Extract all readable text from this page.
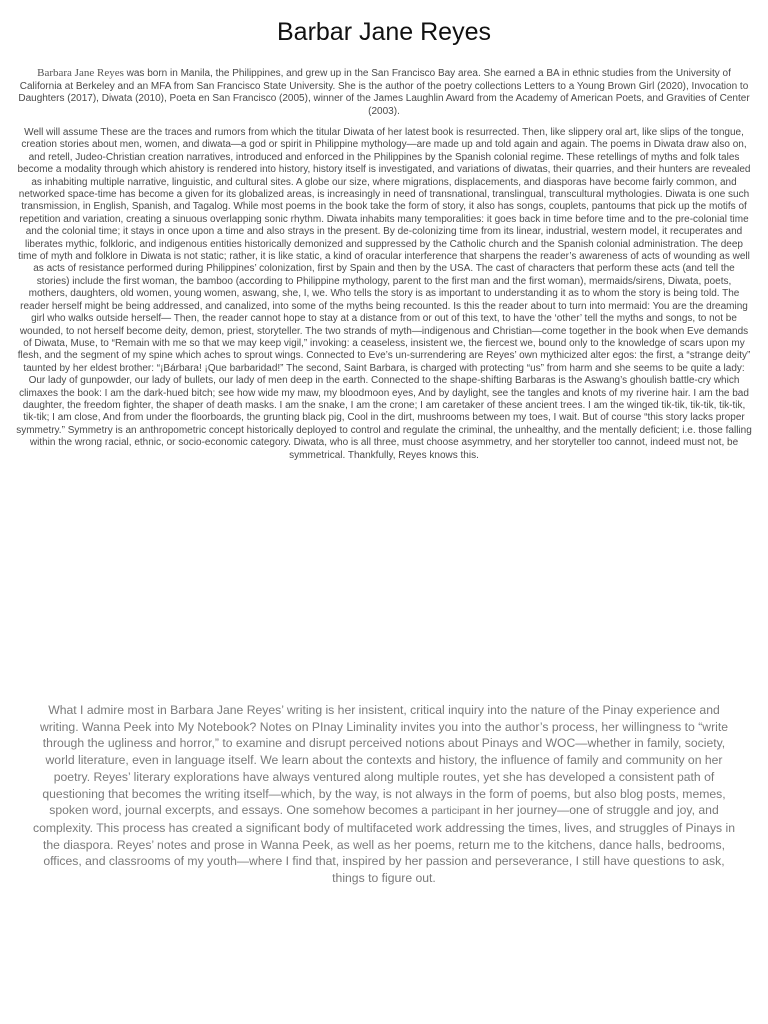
Barbar Jane Reyes

Barbara Jane Reyes was born in Manila, the Philippines, and grew up in the San Francisco Bay area. She earned a BA in ethnic studies from the University of California at Berkeley and an MFA from San Francisco State University. She is the author of the poetry collections Letters to a Young Brown Girl (2020), Invocation to Daughters (2017), Diwata (2010), Poeta en San Francisco (2005), winner of the James Laughlin Award from the Academy of American Poets, and Gravities of Center (2003).

Well will assume These are the traces and rumors from which the titular Diwata of her latest book is resurrected. Then, like slippery oral art, like slips of the tongue, creation stories about men, women, and diwata—a god or spirit in Philippine mythology—are made up and told again and again. The poems in Diwata draw also on, and retell, Judeo-Christian creation narratives, introduced and enforced in the Philippines by the Spanish colonial regime. These retellings of myths and folk tales become a modality through which ahistory is rendered into history, history itself is investigated, and variations of diwatas, their quarries, and their hunters are revealed as inhabiting multiple narrative, linguistic, and cultural sites. A globe our size, where migrations, displacements, and diasporas have become fairly common, and networked space-time has become a given for its globalized areas, is increasingly in need of transnational, translingual, transcultural mythologies. Diwata is one such transmission, in English, Spanish, and Tagalog. While most poems in the book take the form of story, it also has songs, couplets, pantoums that pick up the motifs of repetition and variation, creating a sinuous overlapping sonic rhythm. Diwata inhabits many temporalities: it goes back in time before time and to the pre-colonial time and the colonial time; it stays in once upon a time and also strays in the present. By de-colonizing time from its linear, industrial, western model, it recuperates and liberates mythic, folkloric, and indigenous entities historically demonized and suppressed by the Catholic church and the Spanish colonial administration. The deep time of myth and folklore in Diwata is not static; rather, it is like static, a kind of oracular interference that sharpens the reader’s awareness of acts of wounding as well as acts of resistance performed during Philippines’ colonization, first by Spain and then by the USA. The cast of characters that perform these acts (and tell the stories) include the first woman, the bamboo (according to Philippine mythology, parent to the first man and the first woman), mermaids/sirens, Diwata, poets, mothers, daughters, old women, young women, aswang, she, I, we. Who tells the story is as important to understanding it as to whom the story is being told. The reader herself might be being addressed, and canalized, into some of the myths being recounted. Is this the reader about to turn into mermaid: You are the dreaming girl who walks outside herself— Then, the reader cannot hope to stay at a distance from or out of this text, to have the ‘other’ tell the myths and songs, to not be wounded, to not herself become deity, demon, priest, storyteller. The two strands of myth—indigenous and Christian—come together in the book when Eve demands of Diwata, Muse, to “Remain with me so that we may keep vigil,” invoking: a ceaseless, insistent we, the fiercest we, bound only to the knowledge of scars upon my flesh, and the segment of my spine which aches to sprout wings. Connected to Eve’s un-surrendering are Reyes’ own mythicized alter egos: the first, a “strange deity” taunted by her eldest brother: “¡Bárbara! ¡Que barbaridad!” The second, Saint Barbara, is charged with protecting “us” from harm and she seems to be quite a lady: Our lady of gunpowder, our lady of bullets, our lady of men deep in the earth. Connected to the shape-shifting Barbaras is the Aswang’s ghoulish battle-cry which climaxes the book: I am the dark-hued bitch; see how wide my maw, my bloodmoon eyes, And by daylight, see the tangles and knots of my riverine hair. I am the bad daughter, the freedom fighter, the shaper of death masks. I am the snake, I am the crone; I am caretaker of these ancient trees. I am the winged tik-tik, tik-tik, tik-tik, tik-tik; I am close, And from under the floorboards, the grunting black pig, Cool in the dirt, mushrooms between my toes, I wait. But of course “this story lacks proper symmetry.” Symmetry is an anthropometric concept historically deployed to control and regulate the criminal, the unhealthy, and the mentally deficient; i.e. those falling within the wrong racial, ethnic, or socio-economic category. Diwata, who is all three, must choose asymmetry, and her storyteller too cannot, indeed must not, be symmetrical. Thankfully, Reyes knows this.

What I admire most in Barbara Jane Reyes’ writing is her insistent, critical inquiry into the nature of the Pinay experience and writing. Wanna Peek into My Notebook? Notes on PInay Liminality invites you into the author’s process, her willingness to “write through the ugliness and horror,” to examine and disrupt perceived notions about Pinays and WOC—whether in family, society, world literature, even in language itself. We learn about the contexts and history, the influence of family and community on her poetry. Reyes’ literary explorations have always ventured along multiple routes, yet she has developed a consistent path of questioning that becomes the writing itself—which, by the way, is not always in the form of poems, but also blog posts, memes, spoken word, journal excerpts, and essays. One somehow becomes a participant in her journey—one of struggle and joy, and complexity. This process has created a significant body of multifaceted work addressing the times, lives, and struggles of Pinays in the diaspora. Reyes’ notes and prose in Wanna Peek, as well as her poems, return me to the kitchens, dance halls, bedrooms, offices, and classrooms of my youth—where I find that, inspired by her passion and perseverance, I still have questions to ask, things to figure out.
